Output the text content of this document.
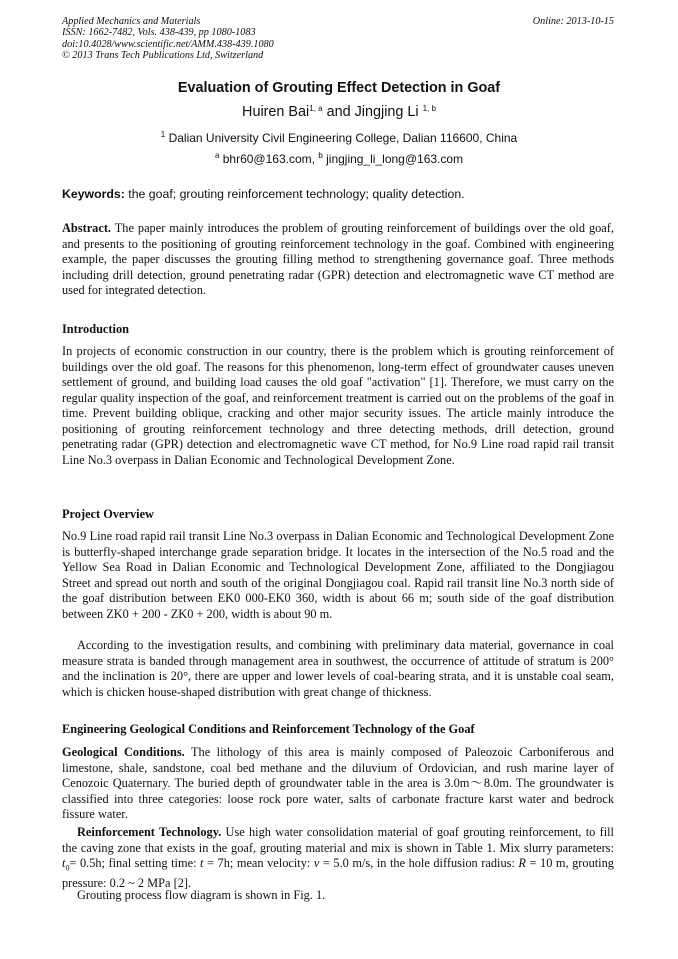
Applied Mechanics and Materials
ISSN: 1662-7482, Vols. 438-439, pp 1080-1083
doi:10.4028/www.scientific.net/AMM.438-439.1080
© 2013 Trans Tech Publications Ltd, Switzerland
Online: 2013-10-15
Evaluation of Grouting Effect Detection in Goaf
Huiren Bai$^{1, a}$ and Jingjing Li $^{1, b}$
$^1$ Dalian University Civil Engineering College, Dalian 116600, China
$^a$ bhr60@163.com, $^b$ jingjing_li_long@163.com
Keywords: the goaf; grouting reinforcement technology; quality detection.
Abstract. The paper mainly introduces the problem of grouting reinforcement of buildings over the old goaf, and presents to the positioning of grouting reinforcement technology in the goaf. Combined with engineering example, the paper discusses the grouting filling method to strengthening governance goaf. Three methods including drill detection, ground penetrating radar (GPR) detection and electromagnetic wave CT method are used for integrated detection.
Introduction
In projects of economic construction in our country, there is the problem which is grouting reinforcement of buildings over the old goaf. The reasons for this phenomenon, long-term effect of groundwater causes uneven settlement of ground, and building load causes the old goaf "activation" [1]. Therefore, we must carry on the regular quality inspection of the goaf, and reinforcement treatment is carried out on the problems of the goaf in time. Prevent building oblique, cracking and other major security issues. The article mainly introduce the positioning of grouting reinforcement technology and three detecting methods, drill detection, ground penetrating radar (GPR) detection and electromagnetic wave CT method, for No.9 Line road rapid rail transit Line No.3 overpass in Dalian Economic and Technological Development Zone.
Project Overview
No.9 Line road rapid rail transit Line No.3 overpass in Dalian Economic and Technological Development Zone is butterfly-shaped interchange grade separation bridge. It locates in the intersection of the No.5 road and the Yellow Sea Road in Dalian Economic and Technological Development Zone, affiliated to the Dongjiagou Street and spread out north and south of the original Dongjiagou coal. Rapid rail transit line No.3 north side of the goaf distribution between EK0 000-EK0 360, width is about 66 m; south side of the goaf distribution between ZK0 + 200 - ZK0 + 200, width is about 90 m.
According to the investigation results, and combining with preliminary data material, governance in coal measure strata is banded through management area in southwest, the occurrence of attitude of stratum is 200° and the inclination is 20°, there are upper and lower levels of coal-bearing strata, and it is unstable coal seam, which is chicken house-shaped distribution with great change of thickness.
Engineering Geological Conditions and Reinforcement Technology of the Goaf
Geological Conditions. The lithology of this area is mainly composed of Paleozoic Carboniferous and limestone, shale, sandstone, coal bed methane and the diluvium of Ordovician, and rush marine layer of Cenozoic Quaternary. The buried depth of groundwater table in the area is 3.0m～8.0m. The groundwater is classified into three categories: loose rock pore water, salts of carbonate fracture karst water and bedrock fissure water.
Reinforcement Technology. Use high water consolidation material of goaf grouting reinforcement, to fill the caving zone that exists in the goaf, grouting material and mix is shown in Table 1. Mix slurry parameters: $t_0= 0.5h$; final setting time: t = 7h; mean velocity: v = 5.0 m/s, in the hole diffusion radius: R = 10 m, grouting pressure: 0.2 ~ 2 MPa [2].
Grouting process flow diagram is shown in Fig. 1.
